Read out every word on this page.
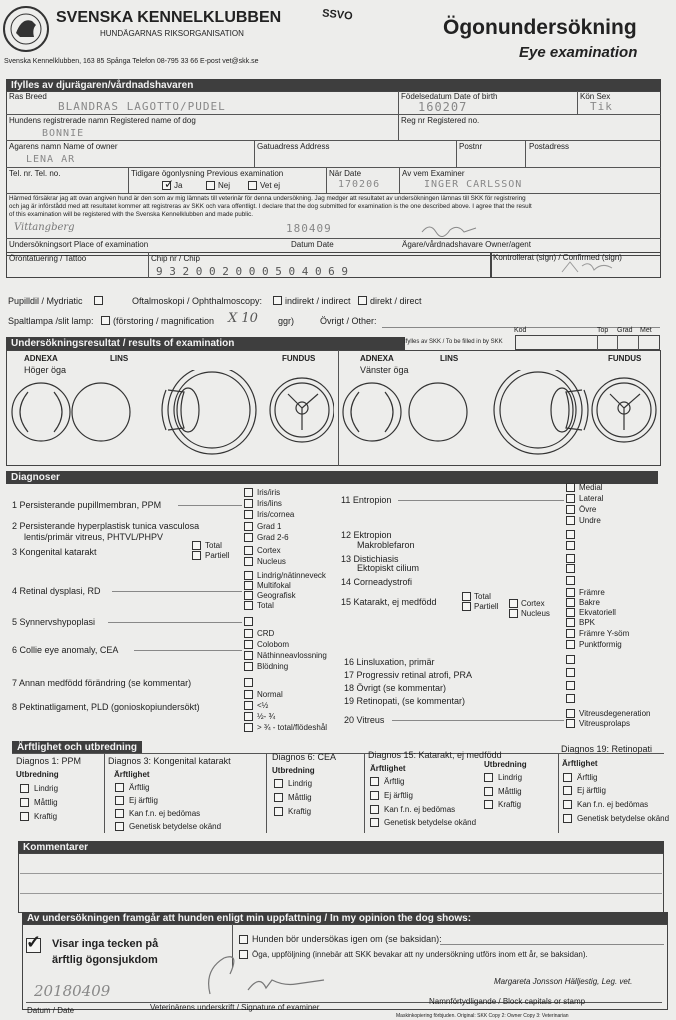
SVENSKA KENNELKLUBBEN
HUNDÄGARNAS RIKSORGANISATION
Svenska Kennelklubben, 163 85 Spånga Telefon 08-795 33 66 E-post vet@skk.se
SSVO
Ögonundersökning
Eye examination
Ifylles av djurägaren/vårdnadshavaren
Ras Breed
BLANDRAS LAGOTTO/PUDEL
Födelsedatum Date of birth
160207
Kön Sex
Tik
Hundens registrerade namn Registered name of dog
BONNIE
Reg nr Registered no.
Agarens namn Name of owner
LENA AR
Gatuadress Address	Postnr	Postadress
Tel. nr. Tel. no.	Tidigare ögonlysning Previous examination
✓ Ja	Nej	Vet ej
När Date
170206
Av vem Examiner
INGER CARLSSON
Härmed försäkrar jag att ovan angiven hund är den som av mig lämnats till veterinär för denna undersökning. Jag medger att resultatet av undersökningen lämnas till SKK för registrering
och jag är införstådd med att resultatet kommer att registreras av SKK och vara offentligt. I declare that the dog submitted for examination is the one described above. I agree that the result
of this examination will be registered with the Svenska Kennelklubben and made public.
Vittangberg	180409
Undersökningsort Place of examination	Datum Date	Ägare/vårdnadshavare Owner/agent
Örontatuering / Tattoo	Chip nr / Chip
9 3 2 0 0 2 0 0 0 5 0 4 0 6 9
Kontrollerat (sign) / Confirmed (sign)
Pupilldil / Mydriatic	Oftalmoskopi / Ophthalmoscopy:	indirekt / indirect direkt / direct
Spaltlampa /slit lamp: (förstoring / magnification X 10 ggr)	Övrigt / Other:
Kod	Top Grad Met
Undersökningsresultat / results of examination	Ifylles av SKK / To be filled in by SKK
ADNEXA
Höger öga
LINS	FUNDUS	ADNEXA
Vänster öga
LINS	FUNDUS
Diagnoser
1 Persisterande pupillmembran, PPM
Iris/iris
Iris/lins
Iris/cornea
2 Persisterande hyperplastisk tunica vasculosa
lentis/primär vitreus, PHTVL/PHPV
Grad 1
Grad 2-6
3 Kongenital katarakt
Total
Partiell
Cortex
Nucleus
4 Retinal dysplasi, RD
Lindrig/nätinneveck
Multifokal
Geografisk
Total
5 Synnervshypoplasi
6 Collie eye anomaly, CEA
CRD
Colobom
Näthinneavlossning
Blödning
7 Annan medfödd förändring (se kommentar)
8 Pektinatligament, PLD (gonioskopiundersökt)
Normal
<½
½- ¾
> ¾ - total/flödeshål
11 Entropion
Medial
Lateral
Övre
Undre
12 Ektropion
Makroblefaron
13 Distichiasis
Ektopiskt cilium
14 Corneadystrofi
15 Katarakt, ej medfödd
Total
Partiell	Cortex
Nucleus
Främre
Bakre
Ekvatoriell
BPK
Främre Y-söm
Punktformig
16 Linsluxation, primär
17 Progressiv retinal atrofi, PRA
18 Övrigt (se kommentar)
19 Retinopati, (se kommentar)
20 Vitreus
Vitreusdegeneration
Vitreusprolaps
Ärftlighet och utbredning
Diagnos 1: PPM
Utbredning
Lindrig
Måttlig
Kraftig
Diagnos 3: Kongenital katarakt
Ärftlighet
Ärftlig
Ej ärftlig
Kan f.n. ej bedömas
Genetisk betydelse okänd
Diagnos 6: CEA
Utbredning
Lindrig
Måttlig
Kraftig
Diagnos 15: Katarakt, ej medfödd
Ärftlighet
Ärftlig
Ej ärftlig
Kan f.n. ej bedömas
Genetisk betydelse okänd
Utbredning
Lindrig
Måttlig
Kraftig
Diagnos 19: Retinopati
Ärftlighet
Ärftlig
Ej ärftlig
Kan f.n. ej bedömas
Genetisk betydelse okänd
Kommentarer
Av undersökningen framgår att hunden enligt min uppfattning / In my opinion the dog shows:
✓ Visar inga tecken på
ärftlig ögonsjukdom
Hunden bör undersökas igen om (se baksidan):
Öga, uppföljning (innebär att SKK bevakar att ny undersökning utförs inom ett år, se baksidan).
Margareta Jonsson Hälljestig, Leg. vet.
20180409
Datum / Date	Veterinärens underskrift / Signature of examiner
Namnförtydligande / Block capitals or stamp
Maskinkopiering förbjuden. Original: SKK Copy 2: Owner Copy 3: Veterinarian
